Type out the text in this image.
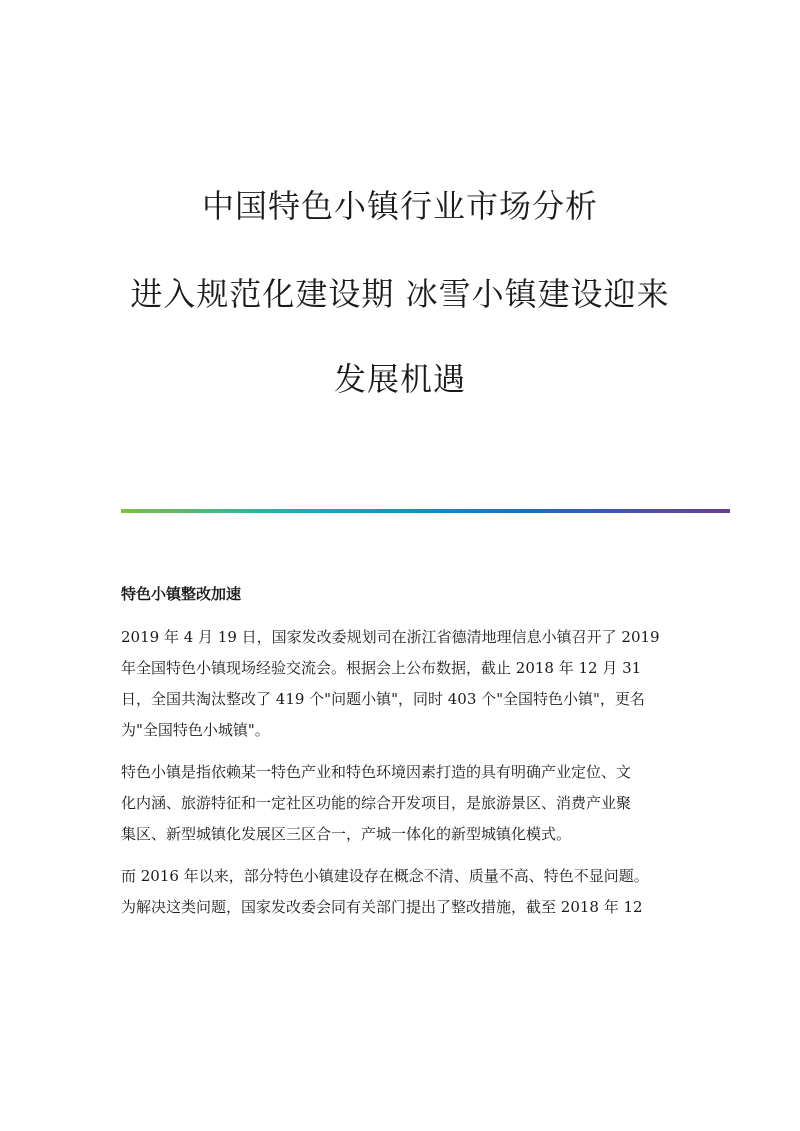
中国特色小镇行业市场分析
进入规范化建设期 冰雪小镇建设迎来
发展机遇
特色小镇整改加速
2019 年 4 月 19 日，国家发改委规划司在浙江省德清地理信息小镇召开了 2019
年全国特色小镇现场经验交流会。根据会上公布数据，截止 2018 年 12 月 31
日，全国共淘汰整改了 419 个"问题小镇"，同时 403 个"全国特色小镇"，更名
为"全国特色小城镇"。
特色小镇是指依赖某一特色产业和特色环境因素打造的具有明确产业定位、文
化内涵、旅游特征和一定社区功能的综合开发项目，是旅游景区、消费产业聚
集区、新型城镇化发展区三区合一，产城一体化的新型城镇化模式。
而 2016 年以来，部分特色小镇建设存在概念不清、质量不高、特色不显问题。
为解决这类问题，国家发改委会同有关部门提出了整改措施，截至 2018 年 12
